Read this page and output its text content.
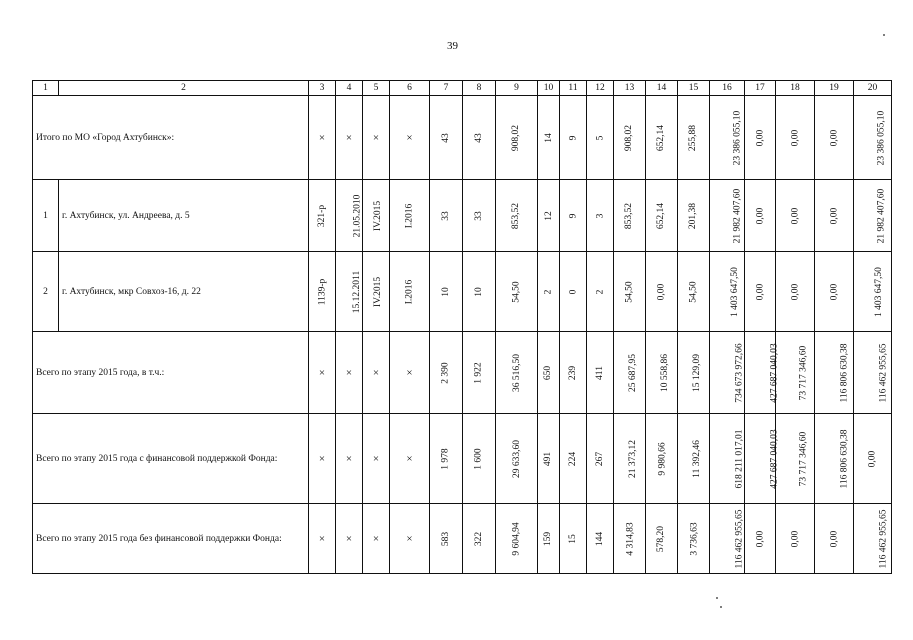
39
1	2	3	4	5	6	7	8	9	10	11	12	13	14	15	16	17	18	19	20
Итого по МО «Город Ахтубинск»:		×	×	×	×	43	43	908,02	14	9	5	908,02	652,14	255,88	23 386 055,10	0,00	0,00	0,00	23 386 055,10
1	г. Ахтубинск, ул. Андреева, д. 5	321-р	21.05.2010	IV.2015	I.2016	33	33	853,52	12	9	3	853,52	652,14	201,38	21 982 407,60	0,00	0,00	0,00	21 982 407,60
2	г. Ахтубинск, мкр Совхоз-16, д. 22	1139-р	15.12.2011	IV.2015	I.2016	10	10	54,50	2	0	2	54,50	0,00	54,50	1 403 647,50	0,00	0,00	0,00	1 403 647,50
Всего по этапу 2015 года, в т.ч.:		×	×	×	×	2 390	1 922	36 516,50	650	239	411	25 687,95	10 558,86	15 129,09	734 673 972,66	427 687 040,03	73 717 346,60	116 806 630,38	116 462 955,65
Всего по этапу 2015 года с финансовой поддержкой Фонда:		×	×	×	×	1 978	1 600	29 633,60	491	224	267	21 373,12	9 980,66	11 392,46	618 211 017,01	427 687 040,03	73 717 346,60	116 806 630,38	0,00
Всего по этапу 2015 года без финансовой поддержки Фонда:		×	×	×	×	583	322	9 604,94	159	15	144	4 314,83	578,20	3 736,63	116 462 955,65	0,00	0,00	0,00	116 462 955,65
